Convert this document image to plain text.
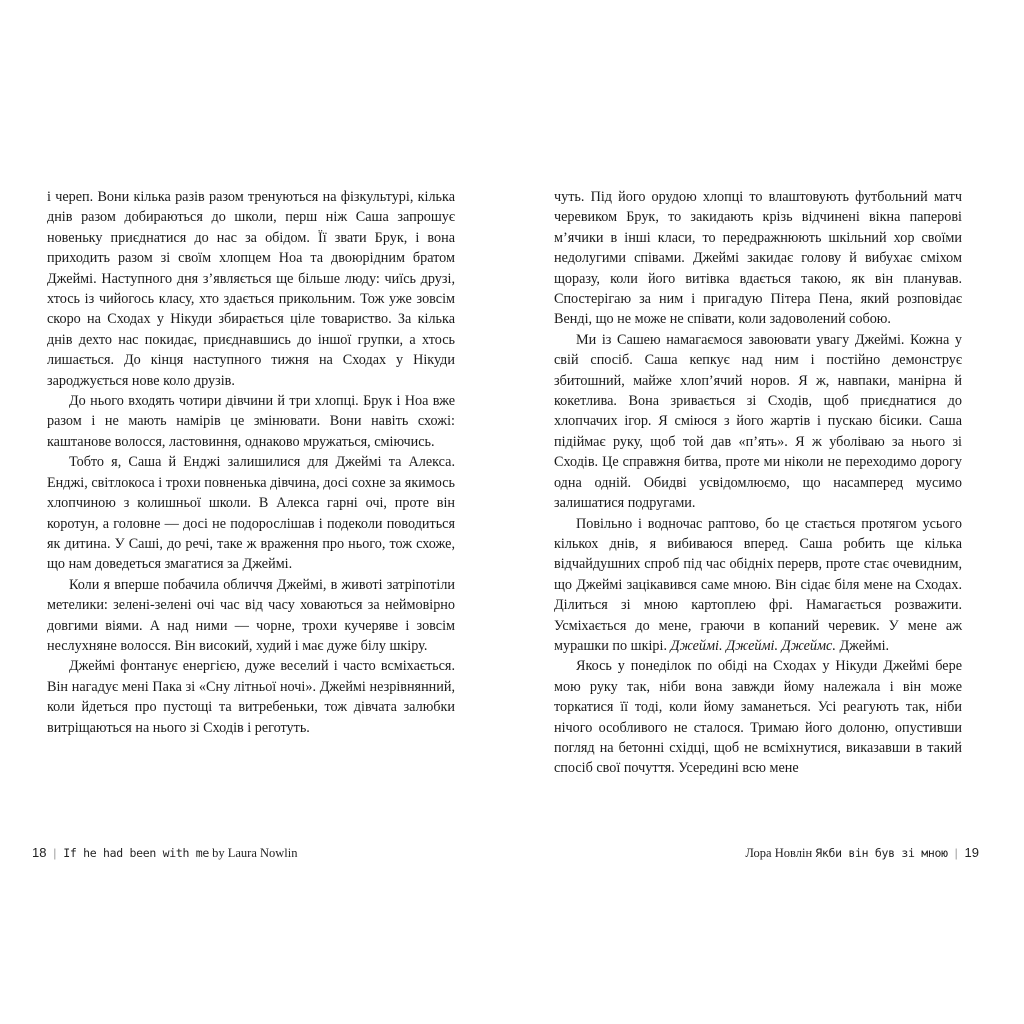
і череп. Вони кілька разів разом тренуються на фізкультурі, кілька днів разом добираються до школи, перш ніж Саша запрошує новеньку приєднатися до нас за обідом. Її звати Брук, і вона приходить разом зі своїм хлопцем Ноа та двоюрідним братом Джеймі. Наступного дня з’являється ще більше люду: чиїсь друзі, хтось із чийогось класу, хто здається прикольним. Тож уже зовсім скоро на Сходах у Нікуди збирається ціле товариство. За кілька днів дехто нас покидає, приєднавшись до іншої групки, а хтось лишається. До кінця наступного тижня на Сходах у Нікуди зароджується нове коло друзів.

До нього входять чотири дівчини й три хлопці. Брук і Ноа вже разом і не мають намірів це змінювати. Вони навіть схожі: каштанове волосся, ластовиння, однаково мружаться, сміючись.

Тобто я, Саша й Енджі залишилися для Джеймі та Алекса. Енджі, світлокоса і трохи повненька дівчина, досі сохне за якимось хлопчиною з колишньої школи. В Алекса гарні очі, проте він коротун, а головне — досі не подорослішав і подеколи поводиться як дитина. У Саші, до речі, таке ж враження про нього, тож схоже, що нам доведеться змагатися за Джеймі.

Коли я вперше побачила обличчя Джеймі, в животі затріпотіли метелики: зелені-зелені очі час від часу ховаються за неймовірно довгими віями. А над ними — чорне, трохи кучеряве і зовсім неслухняне волосся. Він високий, худий і має дуже білу шкіру.

Джеймі фонтанує енергією, дуже веселий і часто всміхається. Він нагадує мені Пака зі «Сну літньої ночі». Джеймі незрівнянний, коли йдеться про пустощі та витребеньки, тож дівчата залюбки витріщаються на нього зі Сходів і реготуть.

чуть. Під його орудою хлопці то влаштовують футбольний матч черевиком Брук, то закидають крізь відчинені вікна паперові м’ячики в інші класи, то передражнюють шкільний хор своїми недолугими співами. Джеймі закидає голову й вибухає сміхом щоразу, коли його витівка вдається такою, як він планував. Спостерігаю за ним і пригадую Пітера Пена, який розповідає Венді, що не може не співати, коли задоволений собою.

Ми із Сашею намагаємося завоювати увагу Джеймі. Кожна у свій спосіб. Саша кепкує над ним і постійно демонструє збитошний, майже хлоп’ячий норов. Я ж, навпаки, манірна й кокетлива. Вона зривається зі Сходів, щоб приєднатися до хлопчачих ігор. Я сміюся з його жартів і пускаю бісики. Саша підіймає руку, щоб той дав «п’ять». Я ж уболіваю за нього зі Сходів. Це справжня битва, проте ми ніколи не переходимо дорогу одна одній. Обидві усвідомлюємо, що насамперед мусимо залишатися подругами.

Повільно і водночас раптово, бо це стається протягом усього кількох днів, я вибиваюся вперед. Саша робить ще кілька відчайдушних спроб під час обідніх перерв, проте стає очевидним, що Джеймі зацікавився саме мною. Він сідає біля мене на Сходах. Ділиться зі мною картоплею фрі. Намагається розважити. Усміхається до мене, граючи в копаний черевик. У мене аж мурашки по шкірі. Джеймі. Джеймі. Джеймс. Джеймі.

Якось у понеділок по обіді на Сходах у Нікуди Джеймі бере мою руку так, ніби вона завжди йому належала і він може торкатися її тоді, коли йому заманеться. Усі реагують так, ніби нічого особливого не сталося. Тримаю його долоню, опустивши погляд на бетонні східці, щоб не всміхнутися, виказавши в такий спосіб свої почуття. Усередині всю мене

18 | If he had been with me by Laura Nowlin	Лора Новлін Якби він був зі мною | 19
